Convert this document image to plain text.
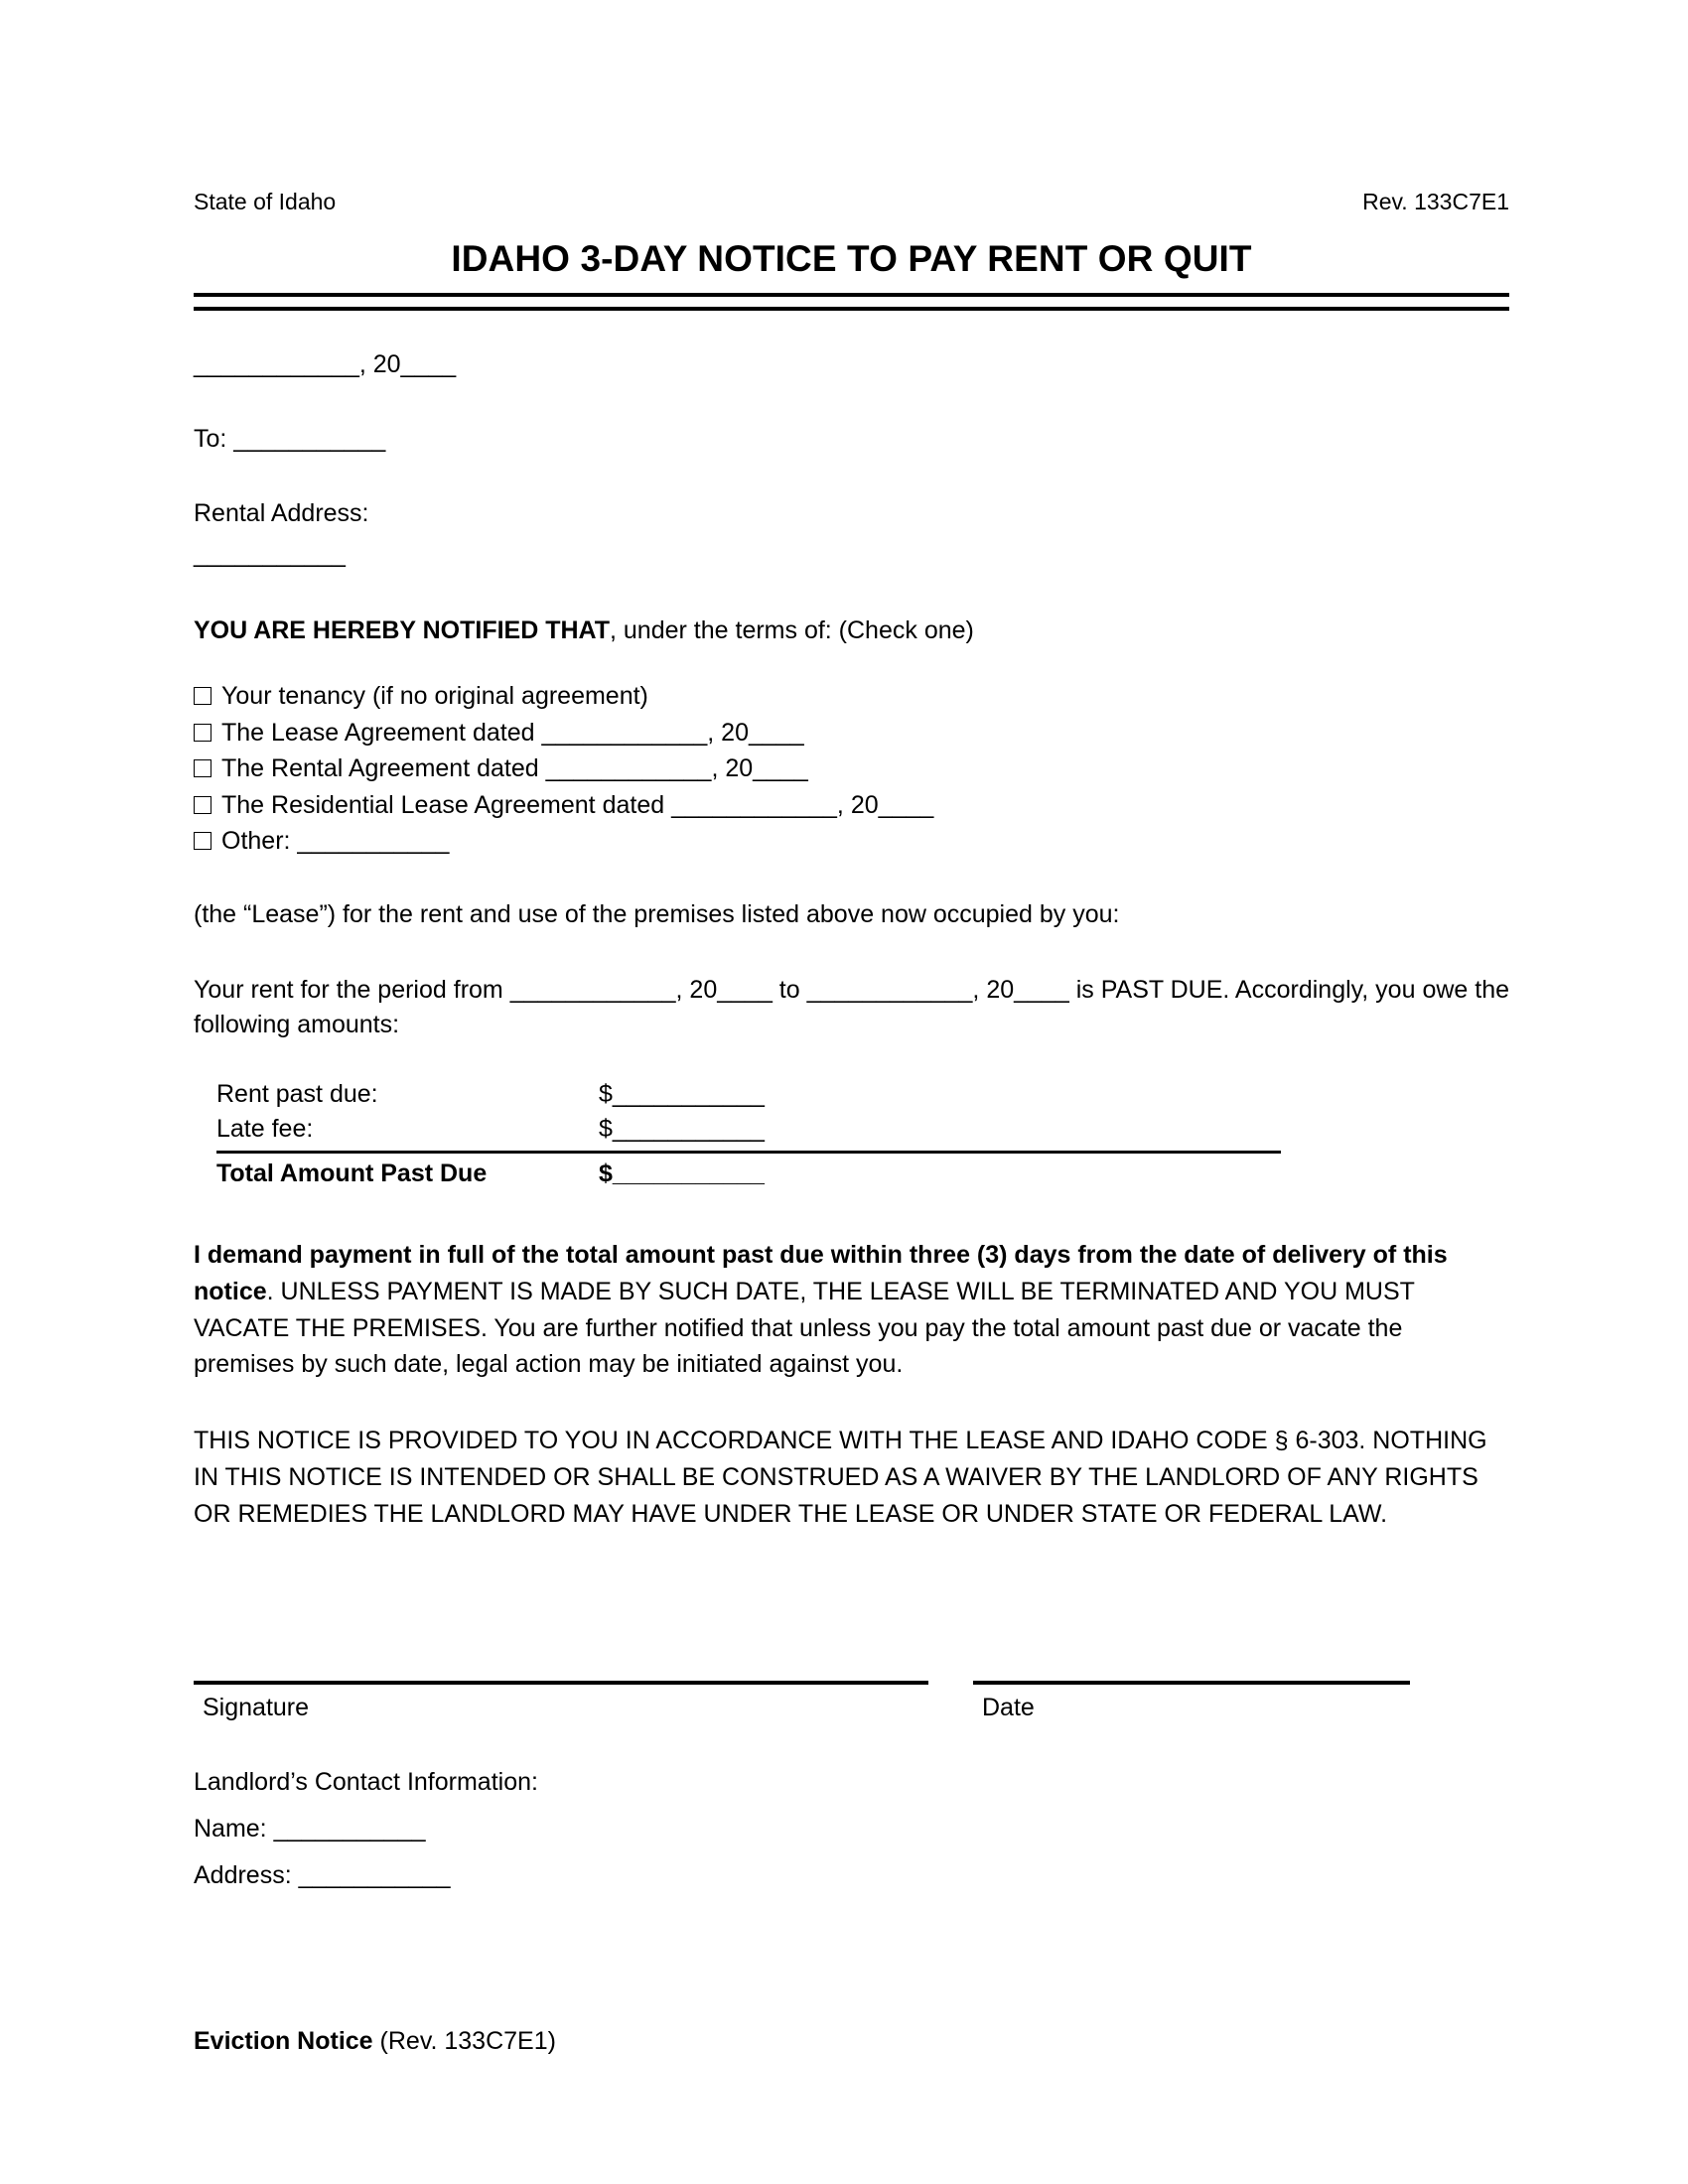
State of Idaho	Rev. 133C7E1
IDAHO 3-DAY NOTICE TO PAY RENT OR QUIT
____________, 20____
To: ___________
Rental Address:
___________
YOU ARE HEREBY NOTIFIED THAT, under the terms of: (Check one)
Your tenancy (if no original agreement)
The Lease Agreement dated ____________, 20____
The Rental Agreement dated ____________, 20____
The Residential Lease Agreement dated ____________, 20____
Other: ___________
(the “Lease”) for the rent and use of the premises listed above now occupied by you:
Your rent for the period from ____________, 20____ to ____________, 20____ is PAST DUE. Accordingly, you owe the following amounts:
Rent past due:	$___________
Late fee:	$___________
Total Amount Past Due	$___________
I demand payment in full of the total amount past due within three (3) days from the date of delivery of this notice. UNLESS PAYMENT IS MADE BY SUCH DATE, THE LEASE WILL BE TERMINATED AND YOU MUST VACATE THE PREMISES. You are further notified that unless you pay the total amount past due or vacate the premises by such date, legal action may be initiated against you.
THIS NOTICE IS PROVIDED TO YOU IN ACCORDANCE WITH THE LEASE AND IDAHO CODE § 6-303. NOTHING IN THIS NOTICE IS INTENDED OR SHALL BE CONSTRUED AS A WAIVER BY THE LANDLORD OF ANY RIGHTS OR REMEDIES THE LANDLORD MAY HAVE UNDER THE LEASE OR UNDER STATE OR FEDERAL LAW.
Signature	Date
Landlord’s Contact Information:
Name: ___________
Address: ___________
Eviction Notice (Rev. 133C7E1)
